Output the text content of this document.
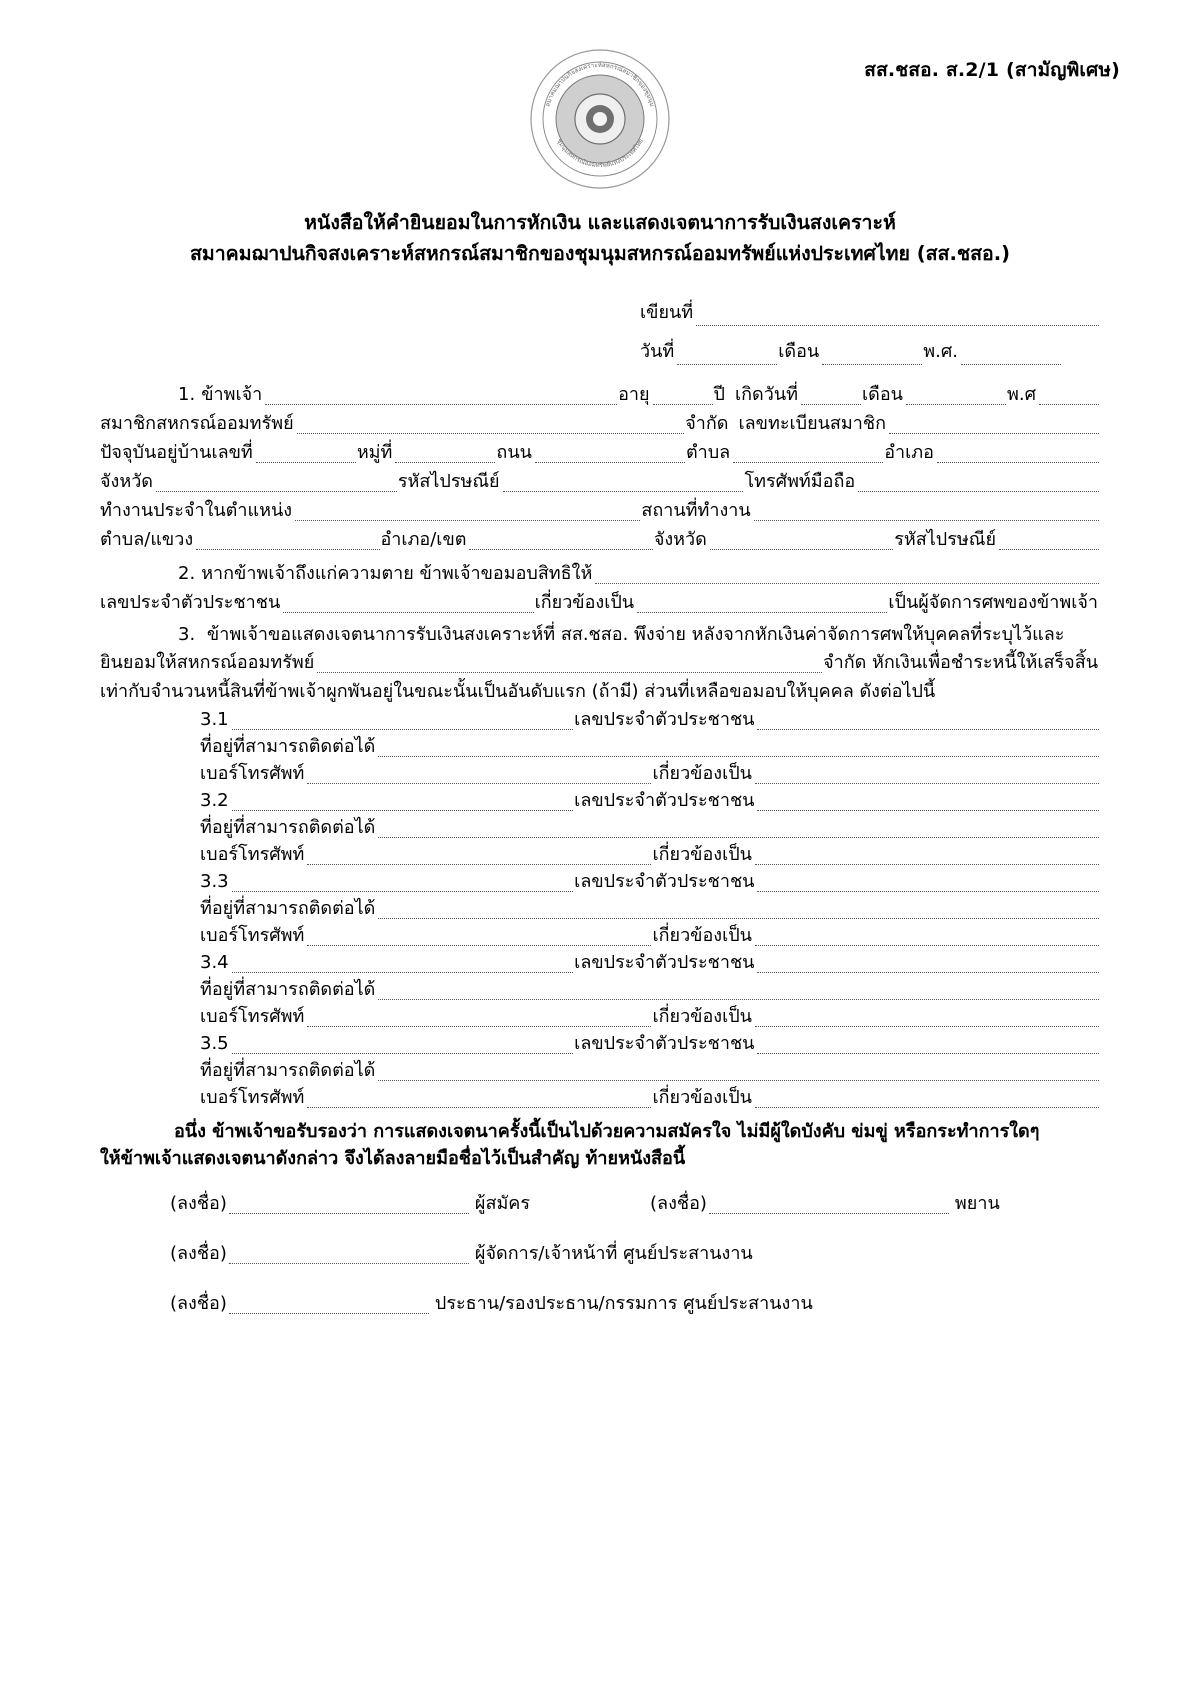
สส.ชสอ. ส.2/1 (สามัญพิเศษ)
สมาคมฌาปนกิจสงเคราะห์สหกรณ์สมาชิกของชุมนุม
ชุมนุมสหกรณ์ออมทรัพย์แห่งประเทศไทย
หนังสือให้คำยินยอมในการหักเงิน และแสดงเจตนาการรับเงินสงเคราะห์
สมาคมฌาปนกิจสงเคราะห์สหกรณ์สมาชิกของชุมนุมสหกรณ์ออมทรัพย์แห่งประเทศไทย (สส.ชสอ.)
เขียนที่
วันที่	เดือน	พ.ศ.
1. ข้าพเจ้า	อายุ	ปี เกิดวันที่	เดือน	พ.ศ
สมาชิกสหกรณ์ออมทรัพย์	จำกัด เลขทะเบียนสมาชิก
ปัจจุบันอยู่บ้านเลขที่	หมู่ที่	ถนน	ตำบล	อำเภอ
จังหวัด	รหัสไปรษณีย์	โทรศัพท์มือถือ
ทำงานประจำในตำแหน่ง	สถานที่ทำงาน
ตำบล/แขวง	อำเภอ/เขต	จังหวัด	รหัสไปรษณีย์
2. หากข้าพเจ้าถึงแก่ความตาย ข้าพเจ้าขอมอบสิทธิให้
เลขประจำตัวประชาชน	เกี่ยวข้องเป็น	เป็นผู้จัดการศพของข้าพเจ้า
3. ข้าพเจ้าขอแสดงเจตนาการรับเงินสงเคราะห์ที่ สส.ชสอ. พึงจ่าย หลังจากหักเงินค่าจัดการศพให้บุคคลที่ระบุไว้และ
ยินยอมให้สหกรณ์ออมทรัพย์	จำกัด หักเงินเพื่อชำระหนี้ให้เสร็จสิ้น
เท่ากับจำนวนหนี้สินที่ข้าพเจ้าผูกพันอยู่ในขณะนั้นเป็นอันดับแรก (ถ้ามี) ส่วนที่เหลือขอมอบให้บุคคล ดังต่อไปนี้
3.1	เลขประจำตัวประชาชน
ที่อยู่ที่สามารถติดต่อได้
เบอร์โทรศัพท์	เกี่ยวข้องเป็น
3.2	เลขประจำตัวประชาชน
ที่อยู่ที่สามารถติดต่อได้
เบอร์โทรศัพท์	เกี่ยวข้องเป็น
3.3	เลขประจำตัวประชาชน
ที่อยู่ที่สามารถติดต่อได้
เบอร์โทรศัพท์	เกี่ยวข้องเป็น
3.4	เลขประจำตัวประชาชน
ที่อยู่ที่สามารถติดต่อได้
เบอร์โทรศัพท์	เกี่ยวข้องเป็น
3.5	เลขประจำตัวประชาชน
ที่อยู่ที่สามารถติดต่อได้
เบอร์โทรศัพท์	เกี่ยวข้องเป็น
อนึ่ง ข้าพเจ้าขอรับรองว่า การแสดงเจตนาครั้งนี้เป็นไปด้วยความสมัครใจ ไม่มีผู้ใดบังคับ ข่มขู่ หรือกระทำการใดๆ
ให้ข้าพเจ้าแสดงเจตนาดังกล่าว จึงได้ลงลายมือชื่อไว้เป็นสำคัญ ท้ายหนังสือนี้
(ลงชื่อ)	ผู้สมัคร	(ลงชื่อ)	พยาน
(ลงชื่อ)	ผู้จัดการ/เจ้าหน้าที่ ศูนย์ประสานงาน
(ลงชื่อ)	ประธาน/รองประธาน/กรรมการ ศูนย์ประสานงาน
